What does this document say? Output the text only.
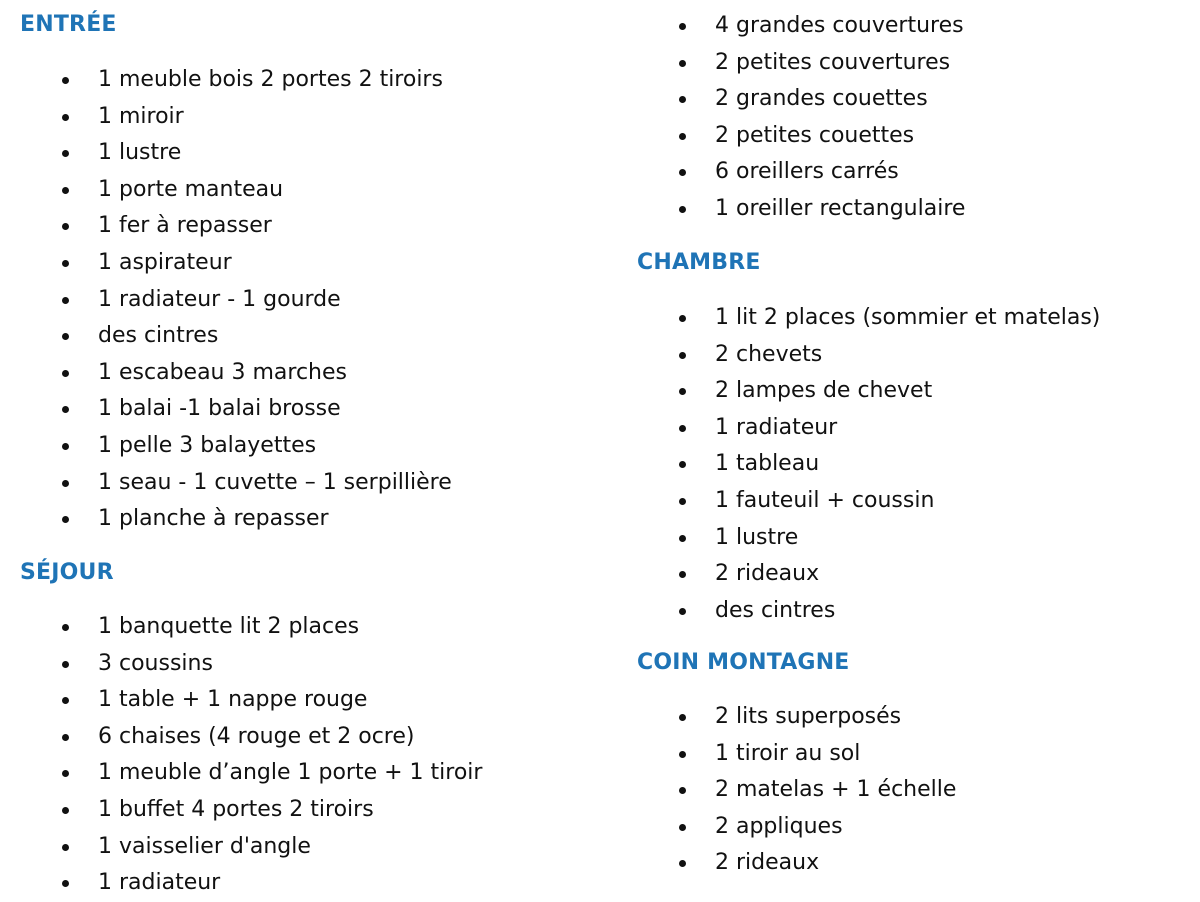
ENTRÉE
1 meuble bois 2 portes 2 tiroirs
1 miroir
1 lustre
1 porte manteau
1 fer à repasser
1 aspirateur
1 radiateur - 1 gourde
des cintres
1 escabeau 3 marches
1 balai -1 balai brosse
1 pelle 3 balayettes
1 seau - 1 cuvette – 1 serpillière
1 planche à repasser
SÉJOUR
1 banquette lit 2 places
3 coussins
1 table + 1 nappe rouge
6 chaises (4 rouge et 2 ocre)
1 meuble d’angle 1 porte + 1 tiroir
1 buffet 4 portes 2 tiroirs
1 vaisselier d'angle
1 radiateur
4 grandes couvertures
2 petites couvertures
2 grandes couettes
2 petites couettes
6 oreillers carrés
1 oreiller rectangulaire
CHAMBRE
1 lit 2 places (sommier et matelas)
2 chevets
2 lampes de chevet
1 radiateur
1 tableau
1 fauteuil + coussin
1 lustre
2 rideaux
des cintres
COIN MONTAGNE
2 lits superposés
1 tiroir au sol
2 matelas + 1 échelle
2 appliques
2 rideaux
